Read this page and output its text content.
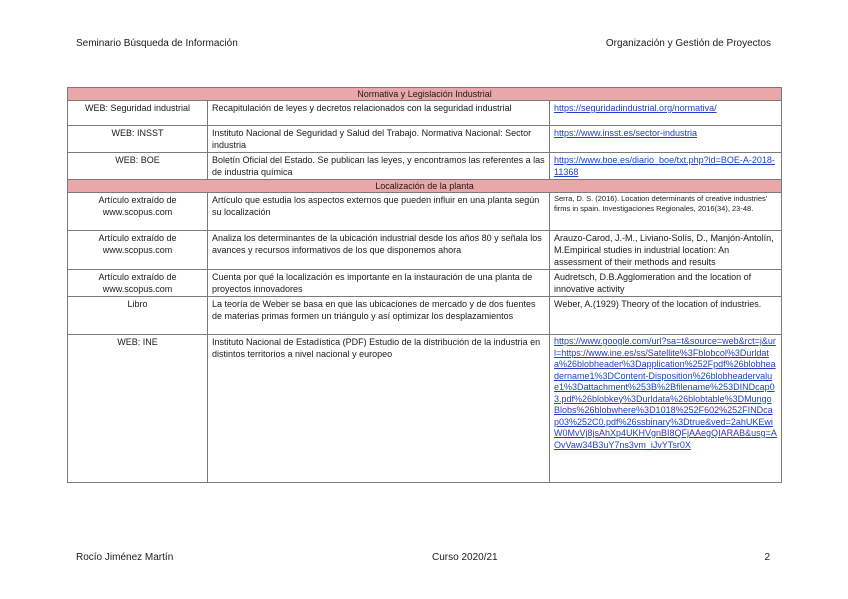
Seminario Búsqueda de Información	Organización y Gestión de Proyectos
Normativa y Legislación Industrial		
WEB: Seguridad industrial	Recapitulación de leyes y decretos relacionados con la seguridad industrial	https://seguridadindustrial.org/normativa/
WEB: INSST	Instituto Nacional de Seguridad y Salud del Trabajo. Normativa Nacional: Sector industria	https://www.insst.es/sector-industria
WEB: BOE	Boletín Oficial del Estado. Se publican las leyes, y encontramos las referentes a las de industria química	https://www.boe.es/diario_boe/txt.php?id=BOE-A-2018-11368
Localización de la planta		
Artículo extraído de www.scopus.com	Artículo que estudia los aspectos externos que pueden influir en una planta según su localización	Serra, D. S. (2016). Location determinants of creative industries' firms in spain. Investigaciones Regionales, 2016(34), 23-48.

Artículo extraído de www.scopus.com	Analiza los determinantes de la ubicación industrial desde los años 80 y señala los avances y recursos informativos de los que disponemos ahora	Arauzo-Carod, J.-M., Liviano-Solís, D., Manjón-Antolín, M.Empirical studies in industrial location: An assessment of their methods and results
Artículo extraído de www.scopus.com	Cuenta por qué la localización es importante en la instauración de una planta de proyectos innovadores	Audretsch, D.B.Agglomeration and the location of innovative activity
Libro	La teoría de Weber se basa en que las ubicaciones de mercado y de dos fuentes de materias primas formen un triángulo y así optimizar los desplazamientos	Weber, A.(1929) Theory of the location of industries.
WEB: INE	Instituto Nacional de Estadística (PDF) Estudio de la distribución de la industria en distintos territorios a nivel nacional y europeo	https://www.google.com/url?sa=t&source=web&rct=j&url=https://www.ine.es/ss/Satellite%3Fblobcol%3Durldata%26blobheader%3Dapplication%252Fpdf%26blobheadername1%3DContent-Disposition%26blobheadervalue1%3Dattachment%253B%2Bfilename%253DINDcap03.pdf%26blobkey%3Durldata%26blobtable%3DMungoBlobs%26blobwhere%3D1018%252F602%252FINDcap03%252C0.pdf%26ssbinary%3Dtrue&ved=2ahUKEwiW0MvVj8jsAhXp4UKHVgnBI8QFjAAegQIARAB&usg=AOvVaw34B3uY7ns3vm_iJvYTsr0X
Rocío Jiménez Martín	Curso 2020/21	2
